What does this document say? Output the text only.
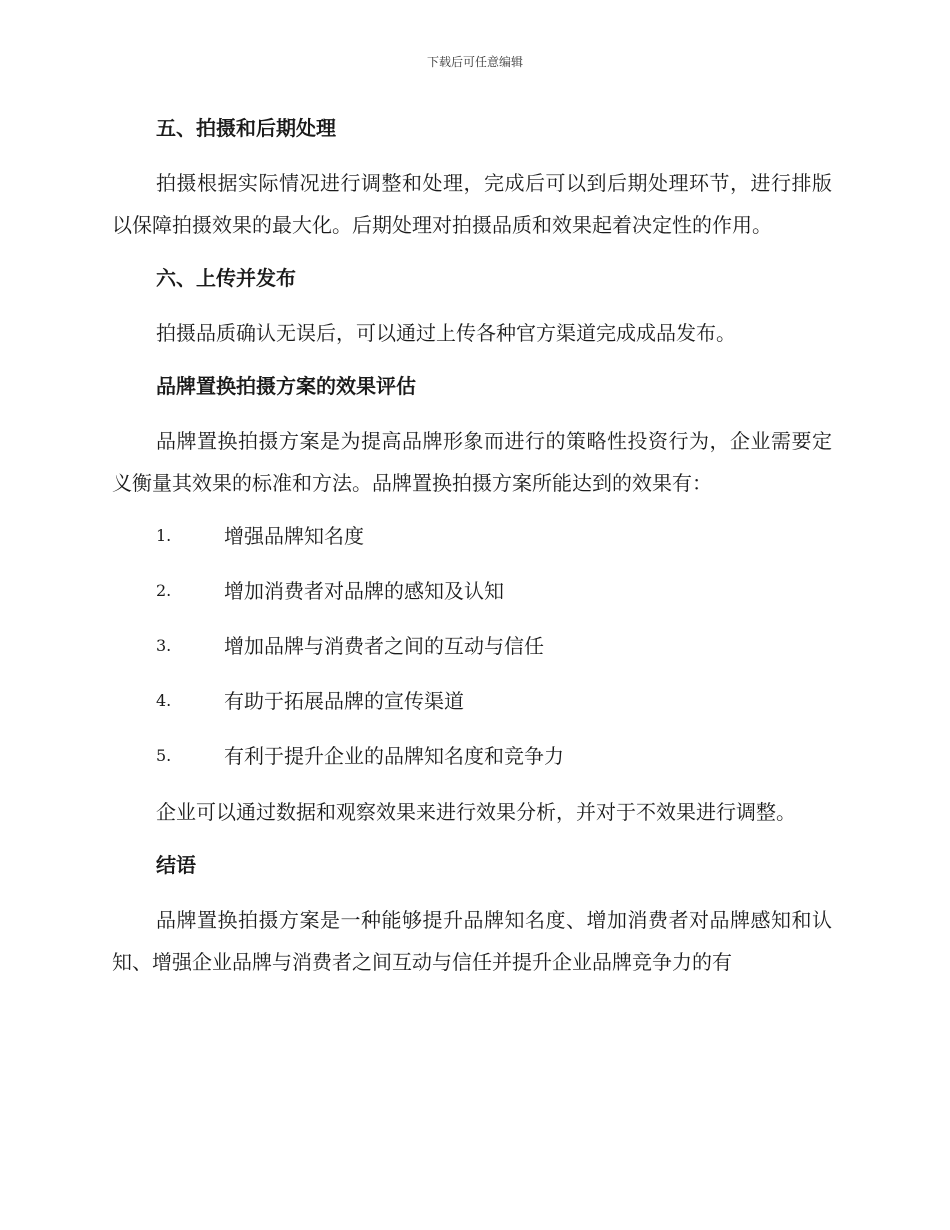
下载后可任意编辑
五、拍摄和后期处理

拍摄根据实际情况进行调整和处理，完成后可以到后期处理环节，进行排版以保障拍摄效果的最大化。后期处理对拍摄品质和效果起着决定性的作用。

六、上传并发布

拍摄品质确认无误后，可以通过上传各种官方渠道完成成品发布。

品牌置换拍摄方案的效果评估

品牌置换拍摄方案是为提高品牌形象而进行的策略性投资行为，企业需要定义衡量其效果的标准和方法。品牌置换拍摄方案所能达到的效果有：

1.	增强品牌知名度
2.	增加消费者对品牌的感知及认知
3.	增加品牌与消费者之间的互动与信任
4.	有助于拓展品牌的宣传渠道
5.	有利于提升企业的品牌知名度和竞争力

企业可以通过数据和观察效果来进行效果分析，并对于不效果进行调整。

结语

品牌置换拍摄方案是一种能够提升品牌知名度、增加消费者对品牌感知和认知、增强企业品牌与消费者之间互动与信任并提升企业品牌竞争力的有
